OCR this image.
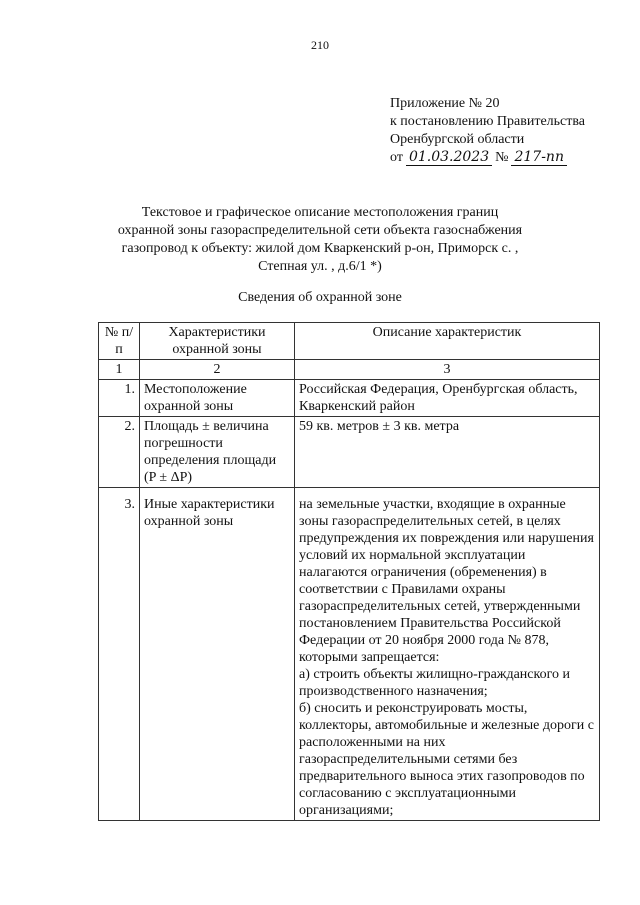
210
Приложение № 20
к постановлению Правительства
Оренбургской области
от 01.03.2023 № 217-пп
Текстовое и графическое описание местоположения границ
охранной зоны газораспределительной сети объекта газоснабжения
газопровод к объекту: жилой дом Кваркенский р-он, Приморск с. ,
Степная ул. , д.6/1 *)
Сведения об охранной зоне
№ п/п	Характеристики охранной зоны	Описание характеристик
1	2	3
1.	Местоположение охранной зоны	Российская Федерация, Оренбургская область, Кваркенский район
2.	Площадь ± величина погрешности определения площади (P ± ΔP)	59 кв. метров ± 3 кв. метра
3.	Иные характеристики охранной зоны	на земельные участки, входящие в охранные зоны газораспределительных сетей, в целях предупреждения их повреждения или нарушения условий их нормальной эксплуатации налагаются ограничения (обременения) в соответствии с Правилами охраны газораспределительных сетей, утвержденными постановлением Правительства Российской Федерации от 20 ноября 2000 года № 878, которыми запрещается:
а) строить объекты жилищно-гражданского и производственного назначения;
б) сносить и реконструировать мосты, коллекторы, автомобильные и железные дороги с расположенными на них газораспределительными сетями без предварительного выноса этих газопроводов по согласованию с эксплуатационными организациями;
